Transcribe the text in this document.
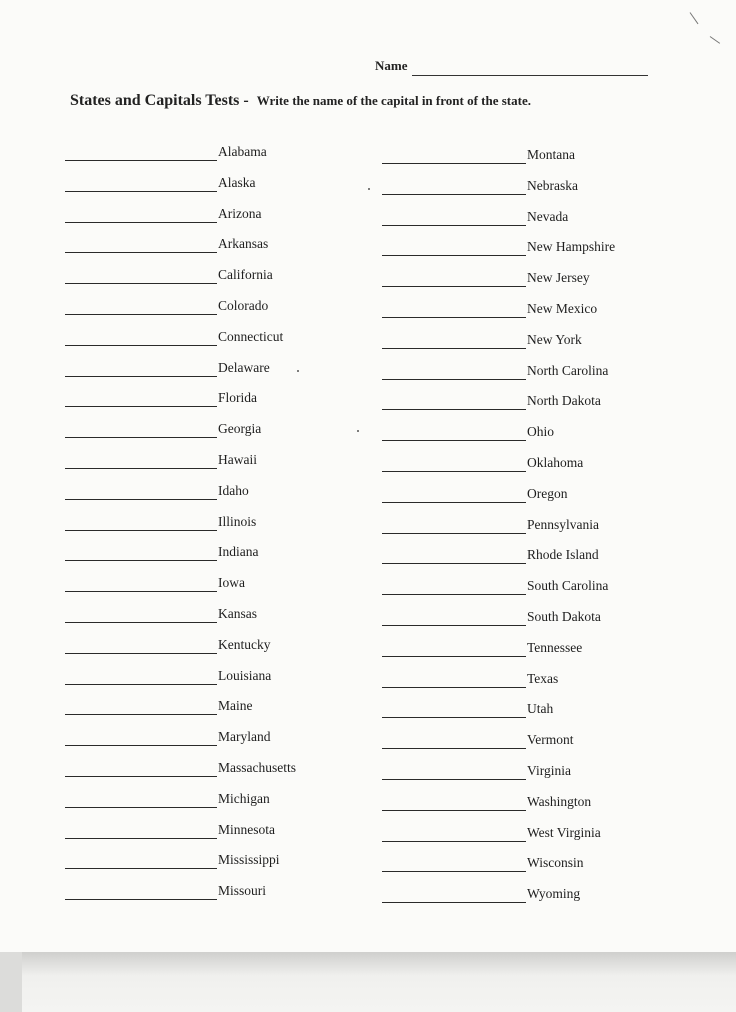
Name
States and Capitals Tests - Write the name of the capital in front of the state.
Alabama
Alaska
Arizona
Arkansas
California
Colorado
Connecticut
Delaware
Florida
Georgia
Hawaii
Idaho
Illinois
Indiana
Iowa
Kansas
Kentucky
Louisiana
Maine
Maryland
Massachusetts
Michigan
Minnesota
Mississippi
Missouri
Montana
Nebraska
Nevada
New Hampshire
New Jersey
New Mexico
New York
North Carolina
North Dakota
Ohio
Oklahoma
Oregon
Pennsylvania
Rhode Island
South Carolina
South Dakota
Tennessee
Texas
Utah
Vermont
Virginia
Washington
West Virginia
Wisconsin
Wyoming
